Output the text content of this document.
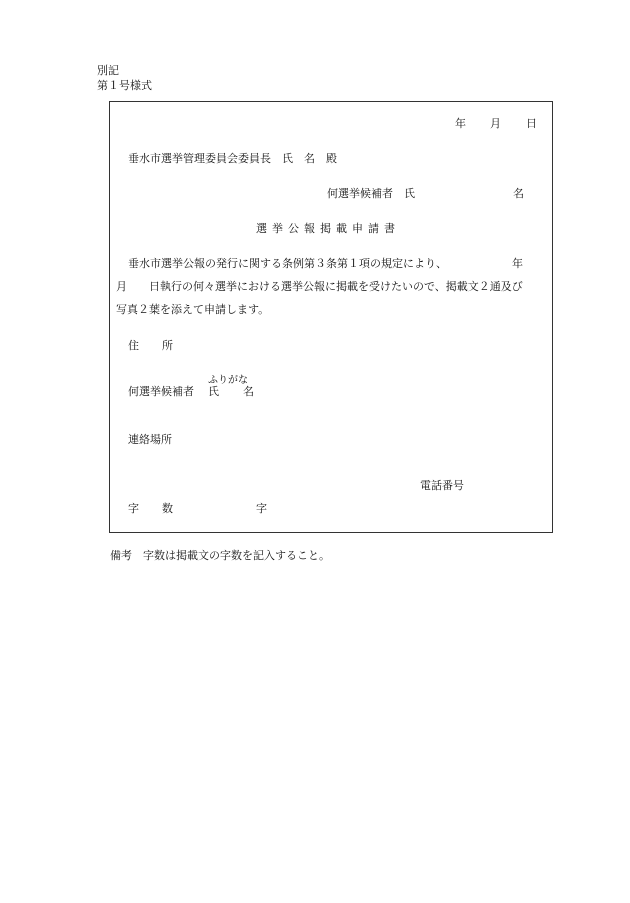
別記
第１号様式
年 月 日
垂水市選挙管理委員会委員長　氏　名　殿
何選挙候補者　氏	名
選挙公報掲載申請書
垂水市選挙公報の発行に関する条例第３条第１項の規定により、	年
月 日執行の何々選挙における選挙公報に掲載を受けたいので、掲載文２通及び
写真２葉を添えて申請します。
住 所
ふりがな
何選挙候補者 氏 名
連絡場所
電話番号
字 数	字
備考　字数は掲載文の字数を記入すること。
